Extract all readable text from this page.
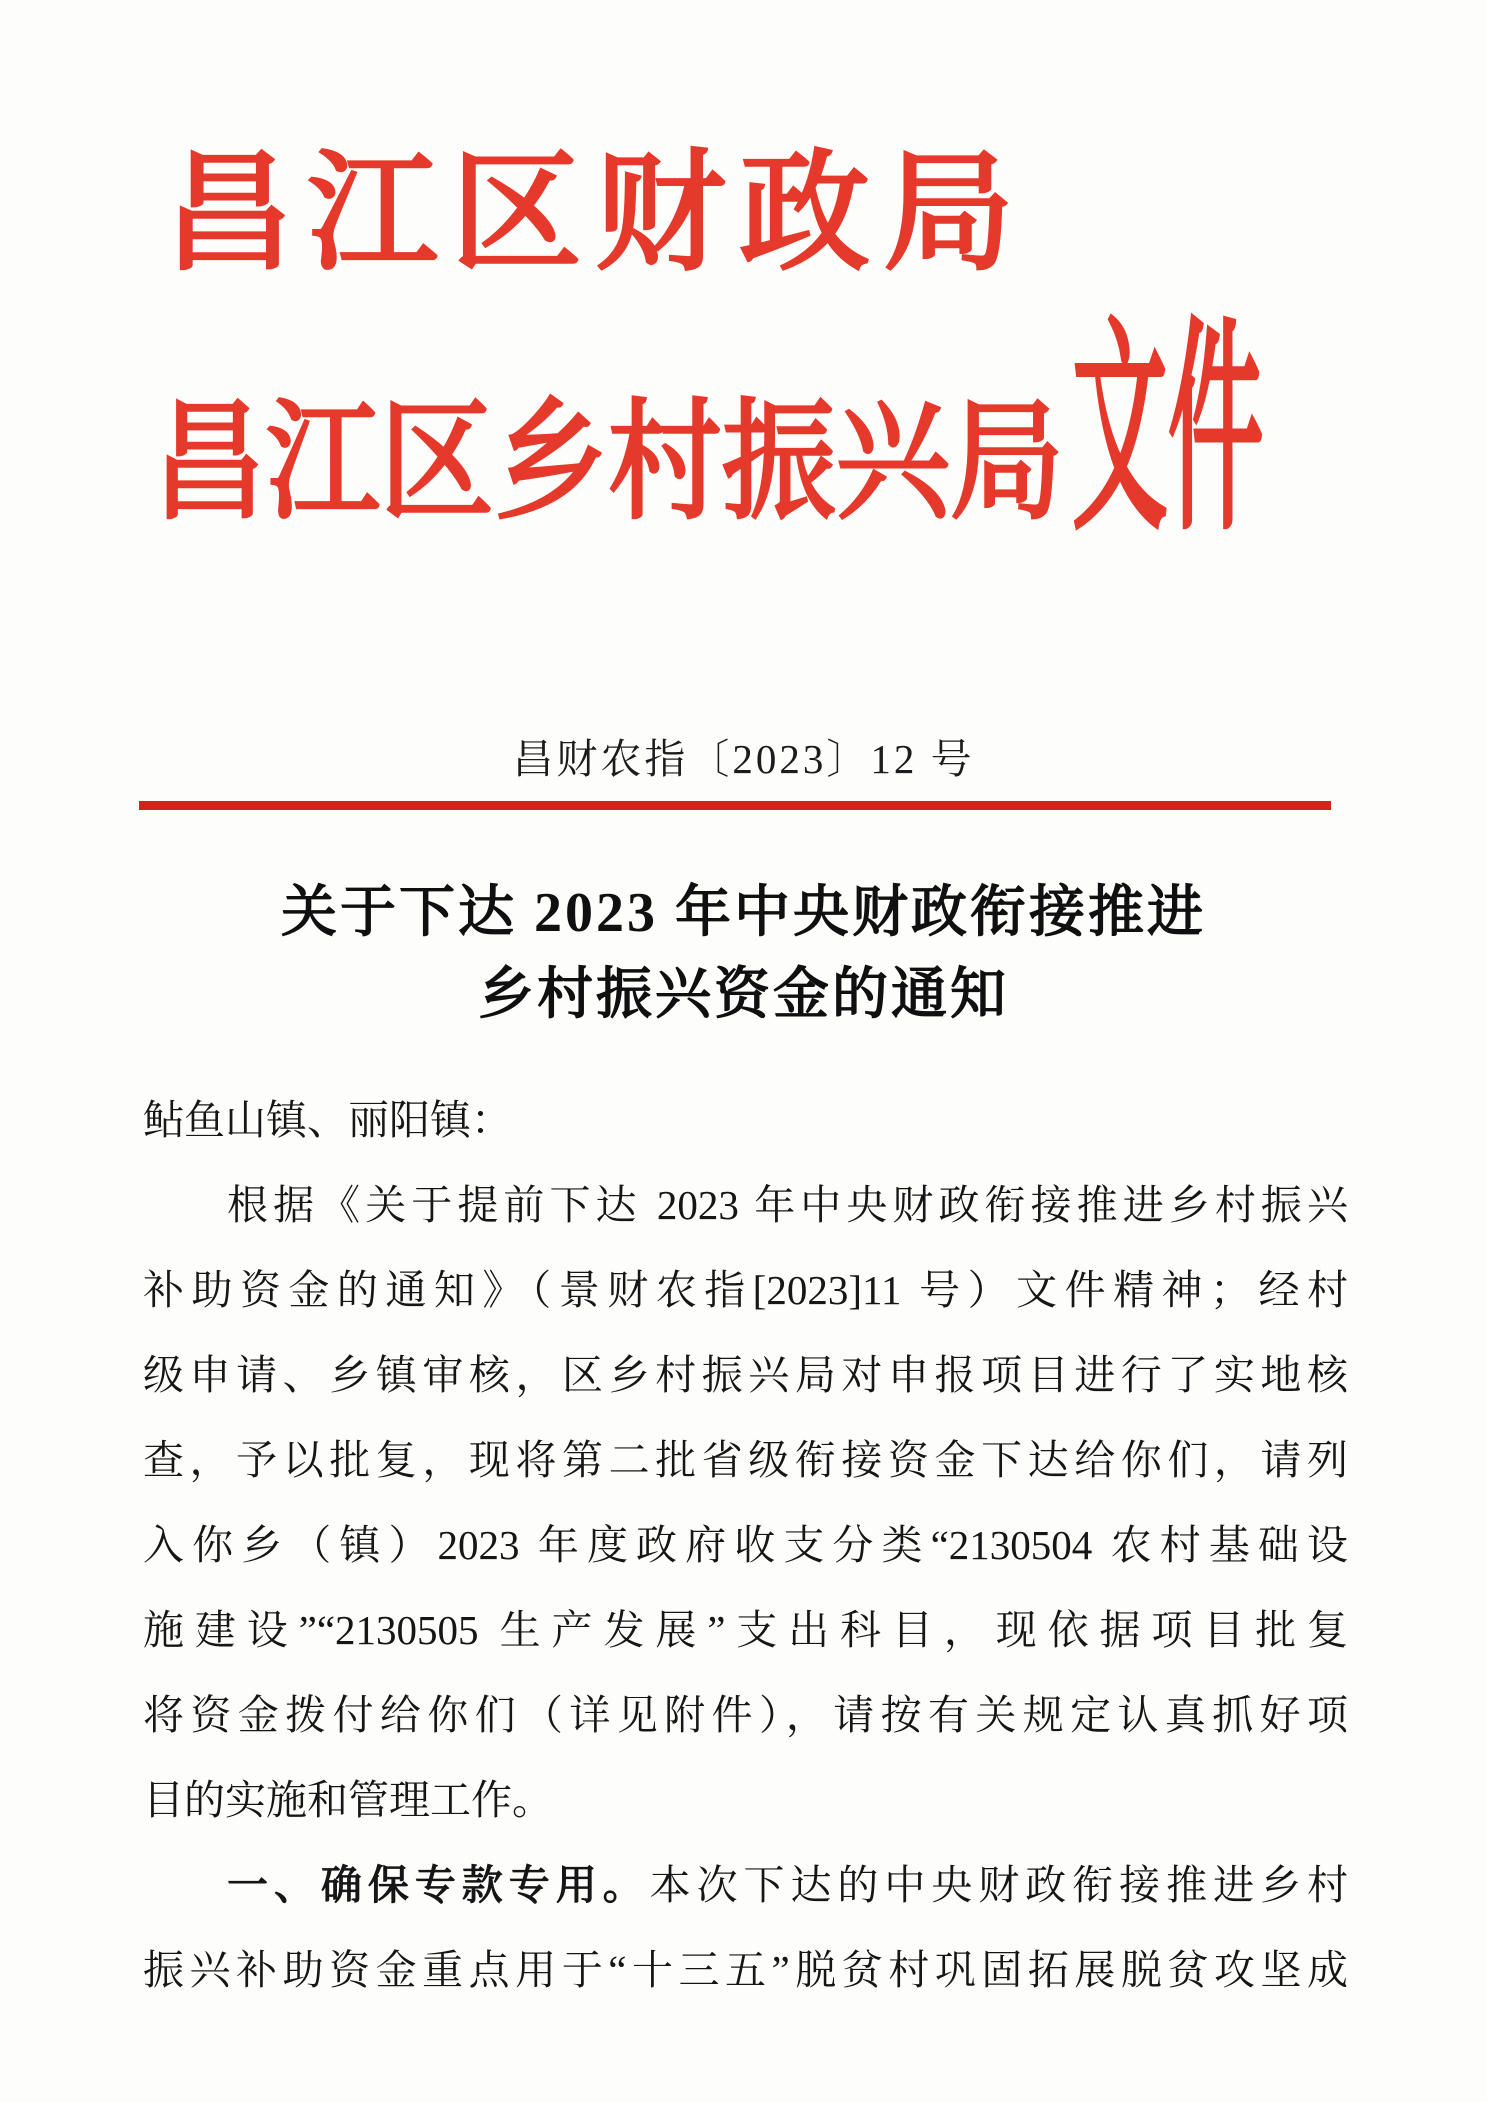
昌江区财政局
昌江区乡村振兴局 文件
昌财农指〔2023〕12 号
关于下达 2023 年中央财政衔接推进
乡村振兴资金的通知
鲇鱼山镇、丽阳镇：
根据《关于提前下达 2023 年中央财政衔接推进乡村振兴
补助资金的通知》（景财农指[2023]11 号）文件精神；经村
级申请、乡镇审核，区乡村振兴局对申报项目进行了实地核
查，予以批复，现将第二批省级衔接资金下达给你们，请列
入你乡（镇）2023 年度政府收支分类“2130504 农村基础设
施建设”“2130505 生产发展”支出科目，现依据项目批复
将资金拨付给你们（详见附件），请按有关规定认真抓好项
目的实施和管理工作。
一、确保专款专用。本次下达的中央财政衔接推进乡村
振兴补助资金重点用于“十三五”脱贫村巩固拓展脱贫攻坚成
